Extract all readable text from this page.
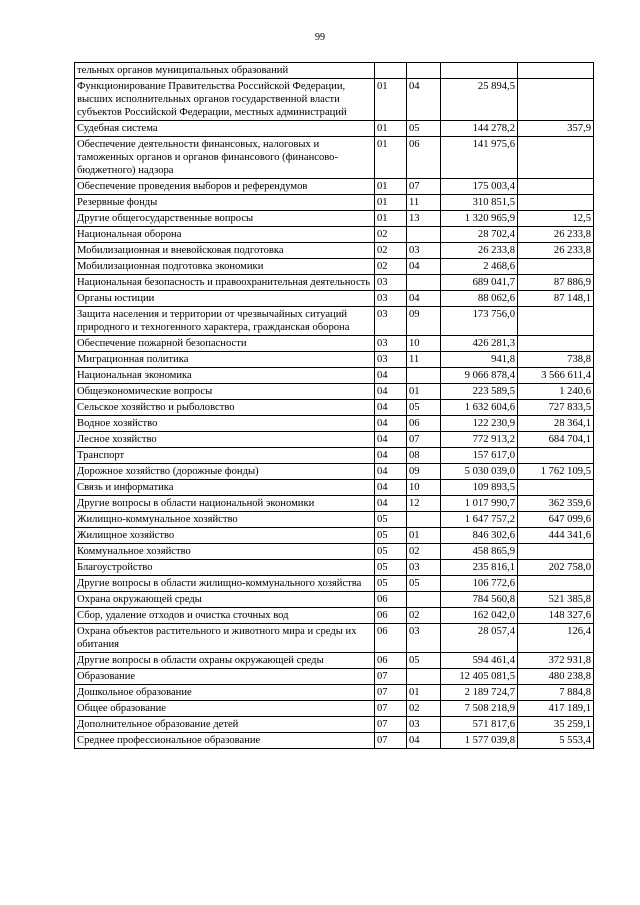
99
тельных органов муниципальных образований				
Функционирование Правительства Российской Федерации, высших исполнительных органов государственной власти субъектов Российской Федерации, местных администраций	01	04	25 894,5	
Судебная система	01	05	144 278,2	357,9
Обеспечение деятельности финансовых, налоговых и таможенных органов и органов финансового (финансово-бюджетного) надзора	01	06	141 975,6	
Обеспечение проведения выборов и референдумов	01	07	175 003,4	
Резервные фонды	01	11	310 851,5	
Другие общегосударственные вопросы	01	13	1 320 965,9	12,5
Национальная оборона	02		28 702,4	26 233,8
Мобилизационная и вневойсковая подготовка	02	03	26 233,8	26 233,8
Мобилизационная подготовка экономики	02	04	2 468,6	
Национальная безопасность и правоохранительная деятельность	03		689 041,7	87 886,9
Органы юстиции	03	04	88 062,6	87 148,1
Защита населения и территории от чрезвычайных ситуаций природного и техногенного характера, гражданская оборона	03	09	173 756,0	
Обеспечение пожарной безопасности	03	10	426 281,3	
Миграционная политика	03	11	941,8	738,8
Национальная экономика	04		9 066 878,4	3 566 611,4
Общеэкономические вопросы	04	01	223 589,5	1 240,6
Сельское хозяйство и рыболовство	04	05	1 632 604,6	727 833,5
Водное хозяйство	04	06	122 230,9	28 364,1
Лесное хозяйство	04	07	772 913,2	684 704,1
Транспорт	04	08	157 617,0	
Дорожное хозяйство (дорожные фонды)	04	09	5 030 039,0	1 762 109,5
Связь и информатика	04	10	109 893,5	
Другие вопросы в области национальной экономики	04	12	1 017 990,7	362 359,6
Жилищно-коммунальное хозяйство	05		1 647 757,2	647 099,6
Жилищное хозяйство	05	01	846 302,6	444 341,6
Коммунальное хозяйство	05	02	458 865,9	
Благоустройство	05	03	235 816,1	202 758,0
Другие вопросы в области жилищно-коммунального хозяйства	05	05	106 772,6	
Охрана окружающей среды	06		784 560,8	521 385,8
Сбор, удаление отходов и очистка сточных вод	06	02	162 042,0	148 327,6
Охрана объектов растительного и животного мира и среды их обитания	06	03	28 057,4	126,4
Другие вопросы в области охраны окружающей среды	06	05	594 461,4	372 931,8
Образование	07		12 405 081,5	480 238,8
Дошкольное образование	07	01	2 189 724,7	7 884,8
Общее образование	07	02	7 508 218,9	417 189,1
Дополнительное образование детей	07	03	571 817,6	35 259,1
Среднее профессиональное образование	07	04	1 577 039,8	5 553,4
